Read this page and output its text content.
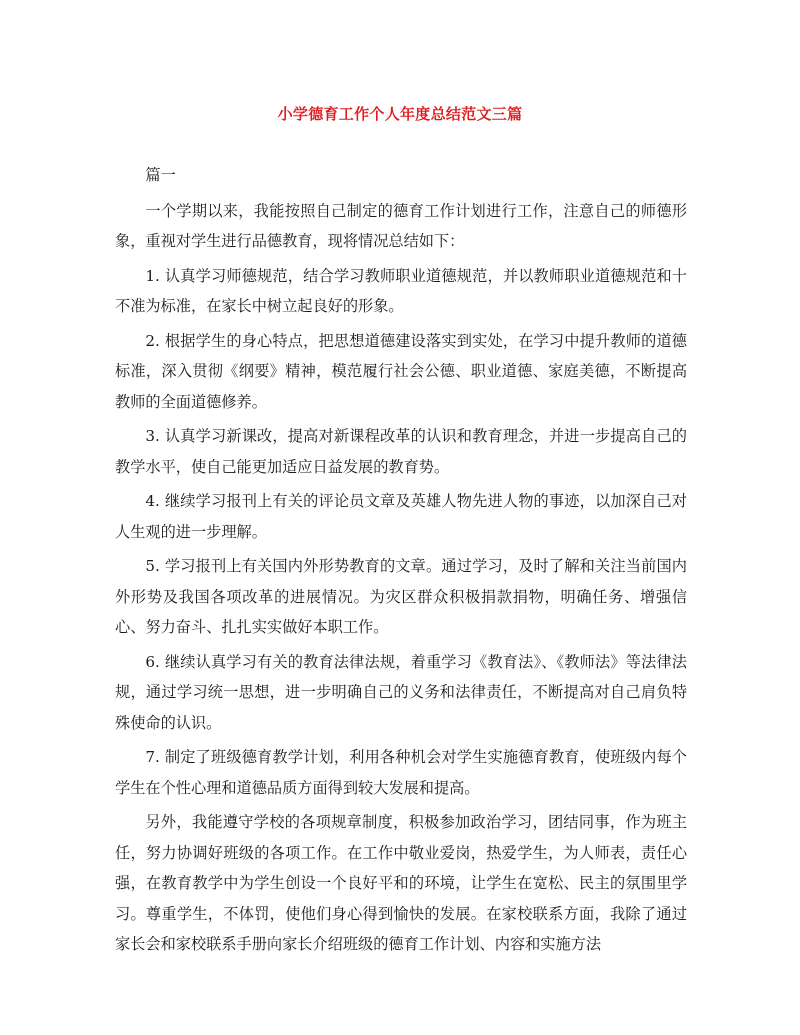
小学德育工作个人年度总结范文三篇

篇一

一个学期以来，我能按照自己制定的德育工作计划进行工作，注意自己的师德形象，重视对学生进行品德教育，现将情况总结如下：

1. 认真学习师德规范，结合学习教师职业道德规范，并以教师职业道德规范和十不准为标准，在家长中树立起良好的形象。

2. 根据学生的身心特点，把思想道德建设落实到实处，在学习中提升教师的道德标准，深入贯彻《纲要》精神，模范履行社会公德、职业道德、家庭美德，不断提高教师的全面道德修养。

3. 认真学习新课改，提高对新课程改革的认识和教育理念，并进一步提高自己的教学水平，使自己能更加适应日益发展的教育势。

4. 继续学习报刊上有关的评论员文章及英雄人物先进人物的事迹，以加深自己对人生观的进一步理解。

5. 学习报刊上有关国内外形势教育的文章。通过学习，及时了解和关注当前国内外形势及我国各项改革的进展情况。为灾区群众积极捐款捐物，明确任务、增强信心、努力奋斗、扎扎实实做好本职工作。

6. 继续认真学习有关的教育法律法规，着重学习《教育法》、《教师法》等法律法规，通过学习统一思想，进一步明确自己的义务和法律责任，不断提高对自己肩负特殊使命的认识。

7. 制定了班级德育教学计划，利用各种机会对学生实施德育教育，使班级内每个学生在个性心理和道德品质方面得到较大发展和提高。

另外，我能遵守学校的各项规章制度，积极参加政治学习，团结同事，作为班主任，努力协调好班级的各项工作。在工作中敬业爱岗，热爱学生，为人师表，责任心强，在教育教学中为学生创设一个良好平和的环境，让学生在宽松、民主的氛围里学习。尊重学生，不体罚，使他们身心得到愉快的发展。在家校联系方面，我除了通过家长会和家校联系手册向家长介绍班级的德育工作计划、内容和实施方法
